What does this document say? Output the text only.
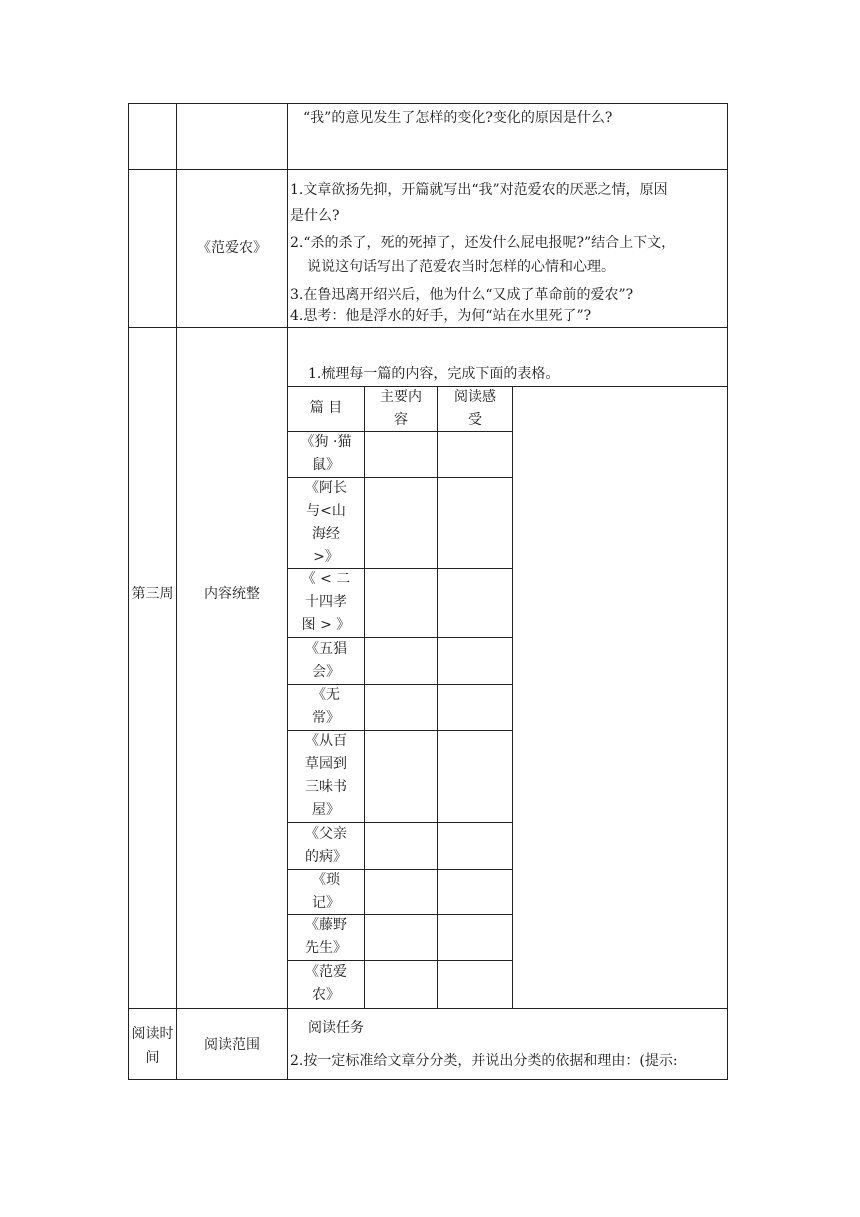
“我”的意见发生了怎样的变化?变化的原因是什么?
《范爱农》
1.文章欲扬先抑，开篇就写出“我”对范爱农的厌恶之情，原因
是什么?
2.“杀的杀了，死的死掉了，还发什么屁电报呢?”结合上下文，
说说这句话写出了范爱农当时怎样的心情和心理。
3.在鲁迅离开绍兴后，他为什么“又成了革命前的爱农”?
4.思考：他是浮水的好手，为何“站在水里死了”?
第三周	内容统整
1.梳理每一篇的内容，完成下面的表格。
篇 目
主要内
容
阅读感
受
《狗 ·猫
鼠》
《阿长
与<山
海经
>》
《 < 二
十四孝
图 > 》
《五猖
会》
《无
常》
《从百
草园到
三味书
屋》
《父亲
的病》
《琐
记》
《藤野
先生》
《范爱
农》
阅读时
间
阅读范围
阅读任务
2.按一定标准给文章分分类，并说出分类的依据和理由：(提示:
